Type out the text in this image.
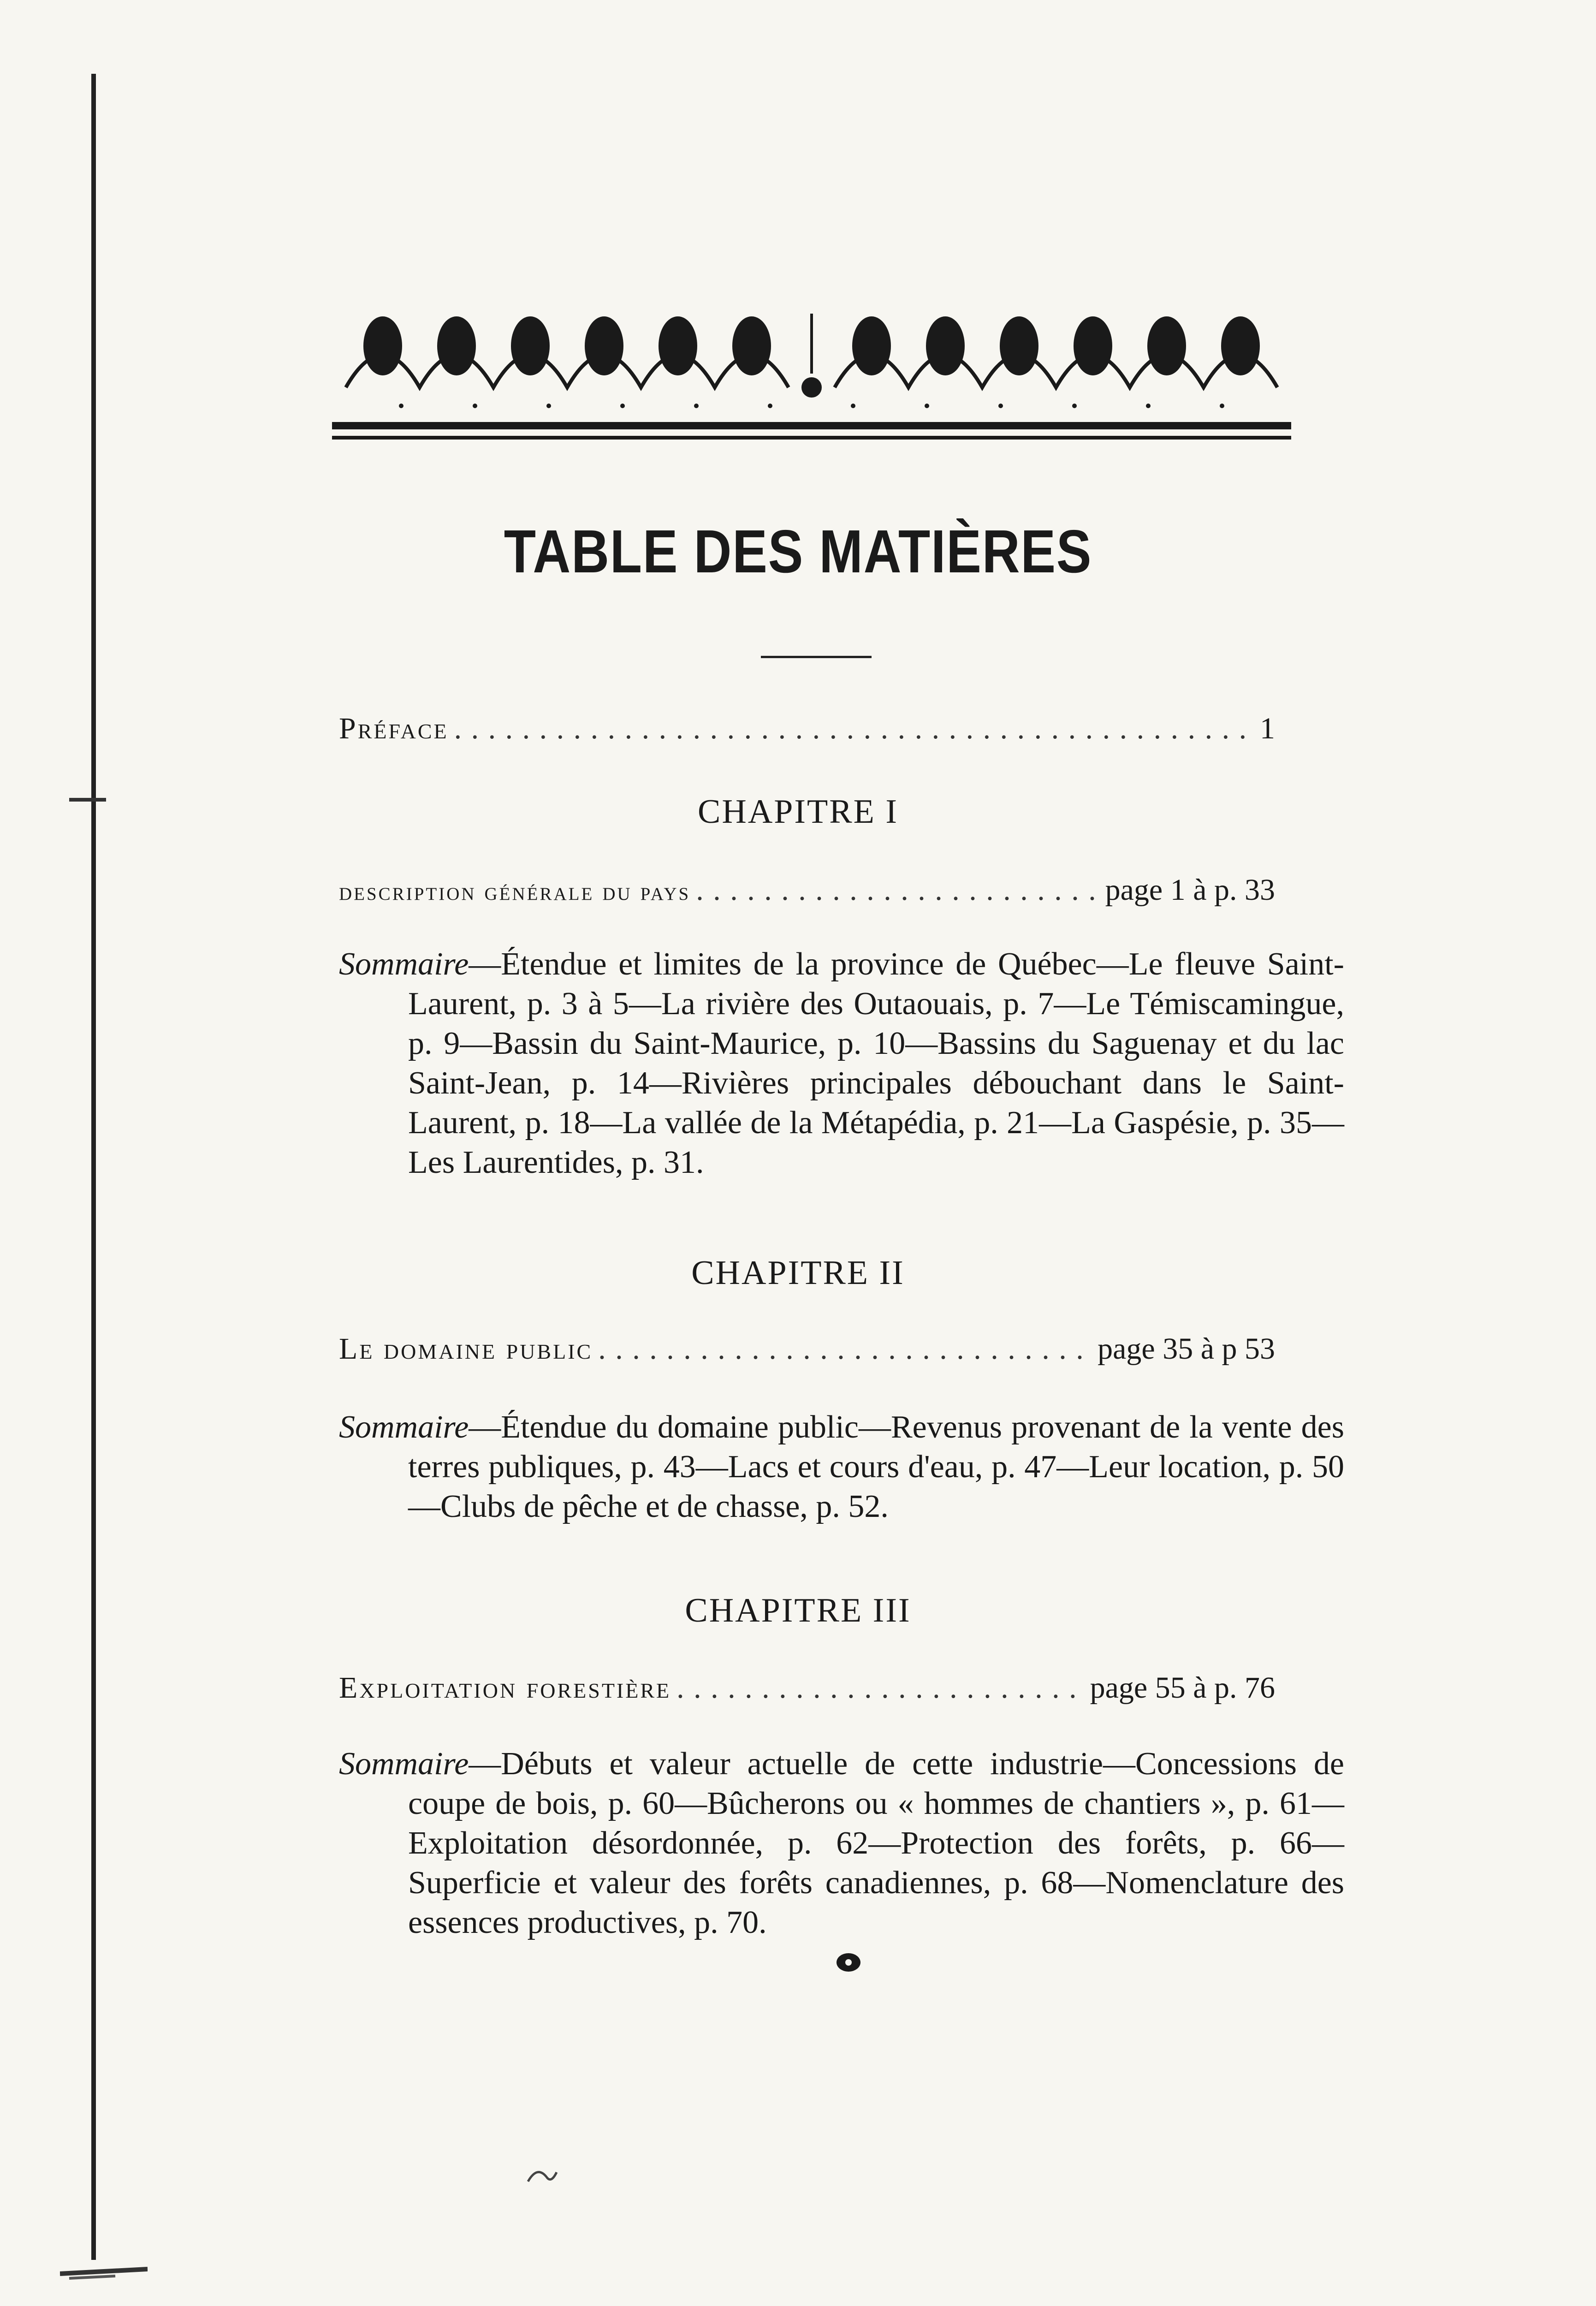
TABLE DES MATIÈRES
Préface . . .	1
CHAPITRE I
description générale du pays . . .	page 1 à p. 33
Sommaire—Étendue et limites de la province de Québec—Le fleuve Saint-Laurent, p. 3 à 5—La rivière des Outaouais, p. 7—Le Témiscamingue, p. 9—Bassin du Saint-Maurice, p. 10—Bassins du Saguenay et du lac Saint-Jean, p. 14—Rivières principales débouchant dans le Saint-Laurent, p. 18—La vallée de la Métapédia, p. 21—La Gaspésie, p. 35—Les Laurentides, p. 31.
CHAPITRE II
Le domaine public . . .	page 35 à p 53
Sommaire—Étendue du domaine public—Revenus provenant de la vente des terres publiques, p. 43—Lacs et cours d'eau, p. 47—Leur location, p. 50—Clubs de pêche et de chasse, p. 52.
CHAPITRE III
Exploitation forestière . . .	page 55 à p. 76
Sommaire—Débuts et valeur actuelle de cette industrie—Concessions de coupe de bois, p. 60—Bûcherons ou « hommes de chantiers », p. 61—Exploitation désordonnée, p. 62—Protection des forêts, p. 66—Superficie et valeur des forêts canadiennes, p. 68—Nomenclature des essences productives, p. 70.
